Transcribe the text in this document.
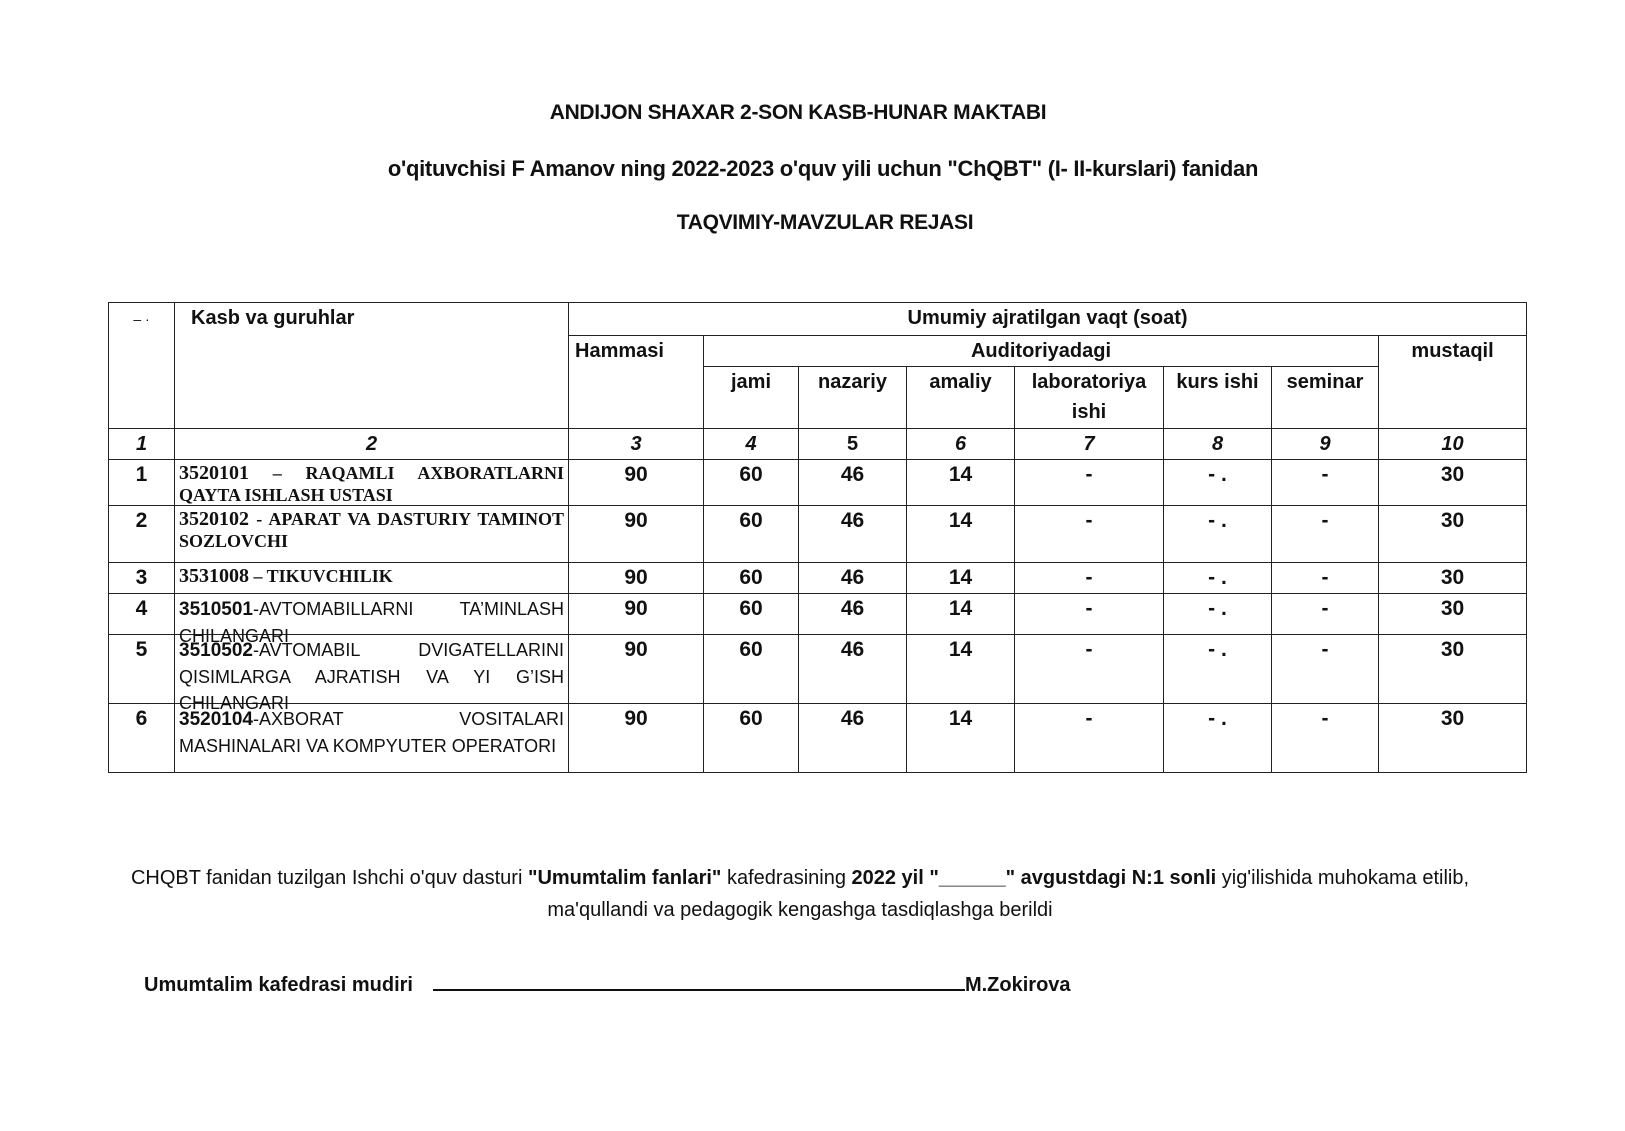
ANDIJON SHAXAR 2-SON KASB-HUNAR MAKTABI
o'qituvchisi F Amanov ning 2022-2023 o'quv yili uchun "ChQBT" (I- II-kurslari) fanidan
TAQVIMIY-MAVZULAR REJASI
– ·	Kasb va guruhlar	Umumiy ajratilgan vaqt (soat)							
		Hammasi	Auditoriyadagi						mustaqil
			jami	nazariy	amaliy	laboratoriya ishi	kurs ishi	seminar	
1	2	3	4	5	6	7	8	9	10
1	3520101 – RAQAMLI AXBORATLARNI QAYTA ISHLASH USTASI	90	60	46	14	-	- .	-	30
2	3520102 - APARAT VA DASTURIY TAMINOT SOZLOVCHI	90	60	46	14	-	- .	-	30
3	3531008 – TIKUVCHILIK	90	60	46	14	-	- .	-	30
4	3510501-AVTOMABILLARNI TA’MINLASH CHILANGARI	90	60	46	14	-	- .	-	30
5	3510502-AVTOMABIL DVIGATELLARINI QISIMLARGA AJRATISH VA YI G’ISH CHILANGARI	90	60	46	14	-	- .	-	30
6	3520104-AXBORAT VOSITALARI MASHINALARI VA KOMPYUTER OPERATORI	90	60	46	14	-	- .	-	30
CHQBT fanidan tuzilgan Ishchi o'quv dasturi "Umumtalim fanlari" kafedrasining 2022 yil "______" avgustdagi N:1 sonli yig'ilishida muhokama etilib,
ma'qullandi va pedagogik kengashga tasdiqlashga berildi
Umumtalim kafedrasi mudiri	M.Zokirova
